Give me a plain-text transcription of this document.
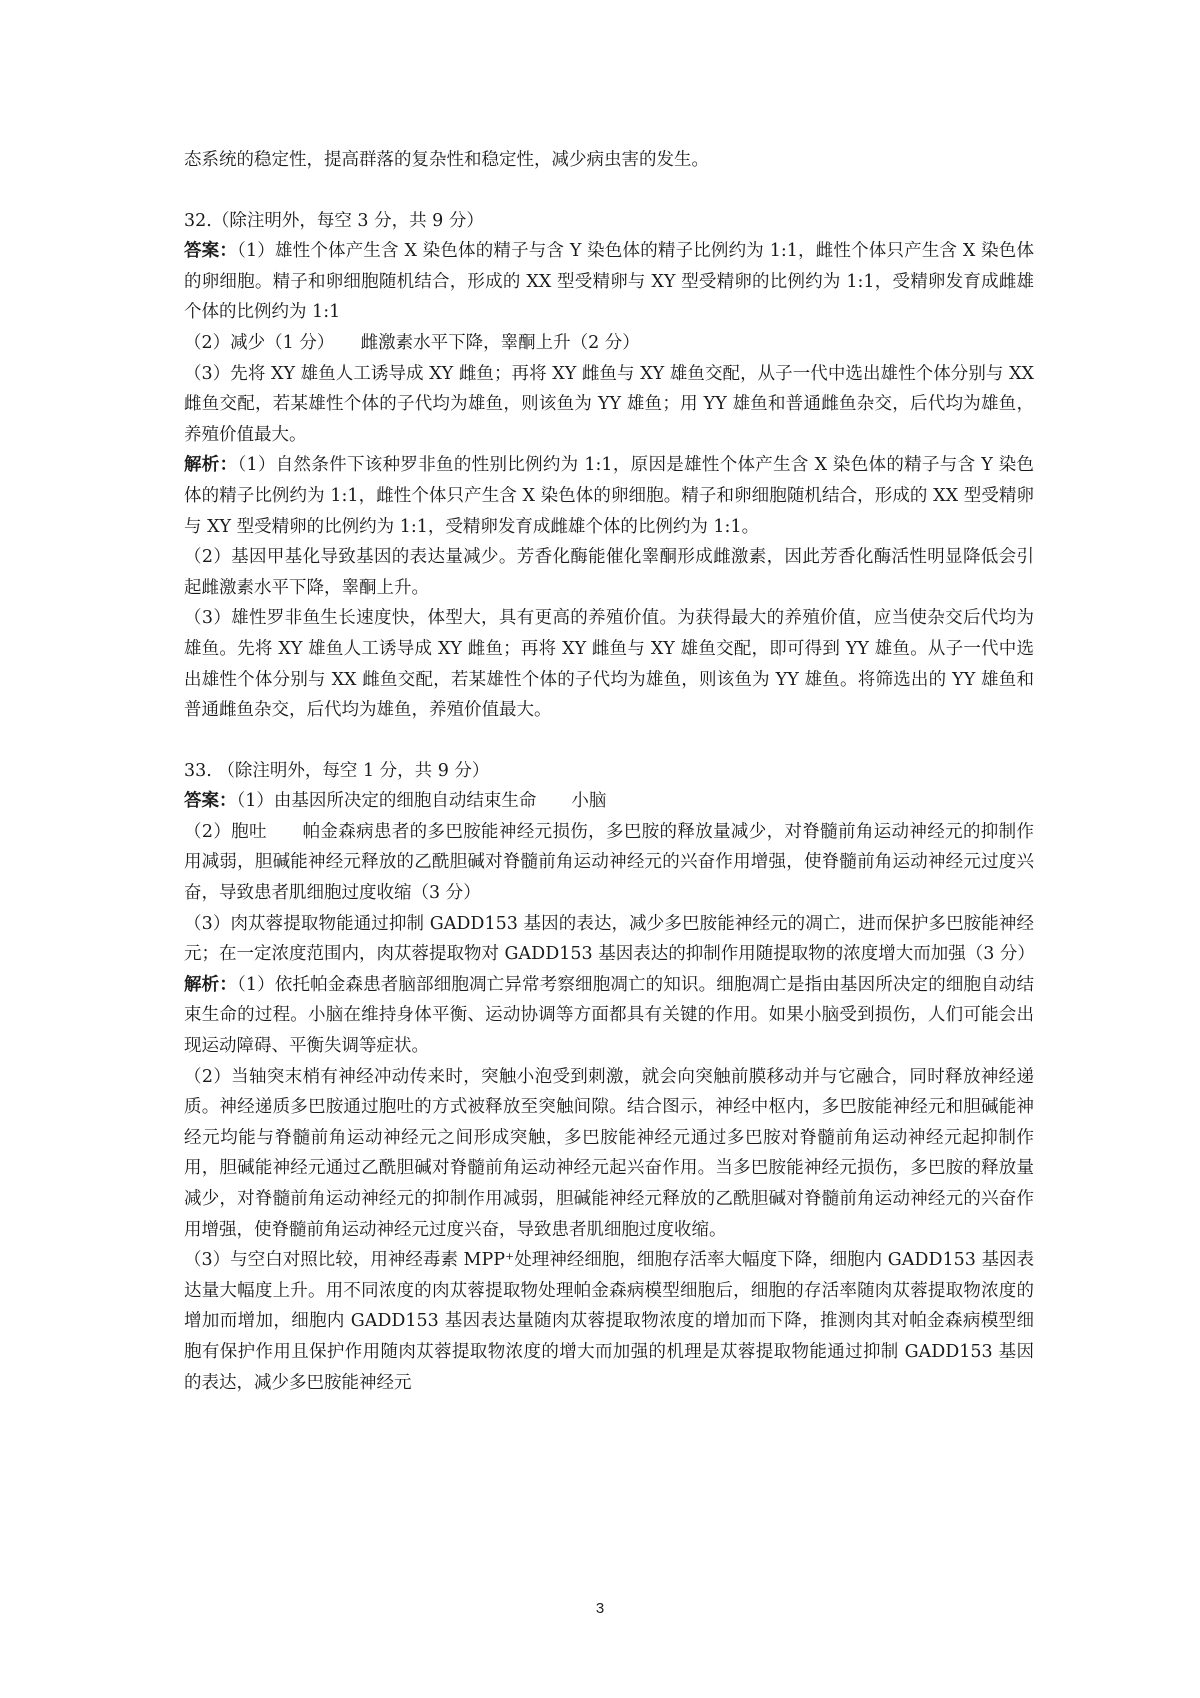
态系统的稳定性，提高群落的复杂性和稳定性，减少病虫害的发生。

32.（除注明外，每空 3 分，共 9 分）

答案：（1）雄性个体产生含 X 染色体的精子与含 Y 染色体的精子比例约为 1:1，雌性个体只产生含 X 染色体的卵细胞。精子和卵细胞随机结合，形成的 XX 型受精卵与 XY 型受精卵的比例约为 1:1，受精卵发育成雌雄个体的比例约为 1:1

（2）减少（1 分）　　雌激素水平下降，睾酮上升（2 分）

（3）先将 XY 雄鱼人工诱导成 XY 雌鱼；再将 XY 雌鱼与 XY 雄鱼交配，从子一代中选出雄性个体分别与 XX 雌鱼交配，若某雄性个体的子代均为雄鱼，则该鱼为 YY 雄鱼；用 YY 雄鱼和普通雌鱼杂交，后代均为雄鱼，养殖价值最大。

解析：（1）自然条件下该种罗非鱼的性别比例约为 1:1，原因是雄性个体产生含 X 染色体的精子与含 Y 染色体的精子比例约为 1:1，雌性个体只产生含 X 染色体的卵细胞。精子和卵细胞随机结合，形成的 XX 型受精卵与 XY 型受精卵的比例约为 1:1，受精卵发育成雌雄个体的比例约为 1:1。

（2）基因甲基化导致基因的表达量减少。芳香化酶能催化睾酮形成雌激素，因此芳香化酶活性明显降低会引起雌激素水平下降，睾酮上升。

（3）雄性罗非鱼生长速度快，体型大，具有更高的养殖价值。为获得最大的养殖价值，应当使杂交后代均为雄鱼。先将 XY 雄鱼人工诱导成 XY 雌鱼；再将 XY 雌鱼与 XY 雄鱼交配，即可得到 YY 雄鱼。从子一代中选出雄性个体分别与 XX 雌鱼交配，若某雄性个体的子代均为雄鱼，则该鱼为 YY 雄鱼。将筛选出的 YY 雄鱼和普通雌鱼杂交，后代均为雄鱼，养殖价值最大。

33. （除注明外，每空 1 分，共 9 分）

答案：（1）由基因所决定的细胞自动结束生命　　小脑

（2）胞吐　　帕金森病患者的多巴胺能神经元损伤，多巴胺的释放量减少，对脊髓前角运动神经元的抑制作用减弱，胆碱能神经元释放的乙酰胆碱对脊髓前角运动神经元的兴奋作用增强，使脊髓前角运动神经元过度兴奋，导致患者肌细胞过度收缩（3 分）

（3）肉苁蓉提取物能通过抑制 GADD153 基因的表达，减少多巴胺能神经元的凋亡，进而保护多巴胺能神经元；在一定浓度范围内，肉苁蓉提取物对 GADD153 基因表达的抑制作用随提取物的浓度增大而加强（3 分）

解析：（1）依托帕金森患者脑部细胞凋亡异常考察细胞凋亡的知识。细胞凋亡是指由基因所决定的细胞自动结束生命的过程。小脑在维持身体平衡、运动协调等方面都具有关键的作用。如果小脑受到损伤，人们可能会出现运动障碍、平衡失调等症状。

（2）当轴突末梢有神经冲动传来时，突触小泡受到刺激，就会向突触前膜移动并与它融合，同时释放神经递质。神经递质多巴胺通过胞吐的方式被释放至突触间隙。结合图示，神经中枢内，多巴胺能神经元和胆碱能神经元均能与脊髓前角运动神经元之间形成突触，多巴胺能神经元通过多巴胺对脊髓前角运动神经元起抑制作用，胆碱能神经元通过乙酰胆碱对脊髓前角运动神经元起兴奋作用。当多巴胺能神经元损伤，多巴胺的释放量减少，对脊髓前角运动神经元的抑制作用减弱，胆碱能神经元释放的乙酰胆碱对脊髓前角运动神经元的兴奋作用增强，使脊髓前角运动神经元过度兴奋，导致患者肌细胞过度收缩。

（3）与空白对照比较，用神经毒素 MPP⁺处理神经细胞，细胞存活率大幅度下降，细胞内 GADD153 基因表达量大幅度上升。用不同浓度的肉苁蓉提取物处理帕金森病模型细胞后，细胞的存活率随肉苁蓉提取物浓度的增加而增加，细胞内 GADD153 基因表达量随肉苁蓉提取物浓度的增加而下降，推测肉其对帕金森病模型细胞有保护作用且保护作用随肉苁蓉提取物浓度的增大而加强的机理是苁蓉提取物能通过抑制 GADD153 基因的表达，减少多巴胺能神经元

3
